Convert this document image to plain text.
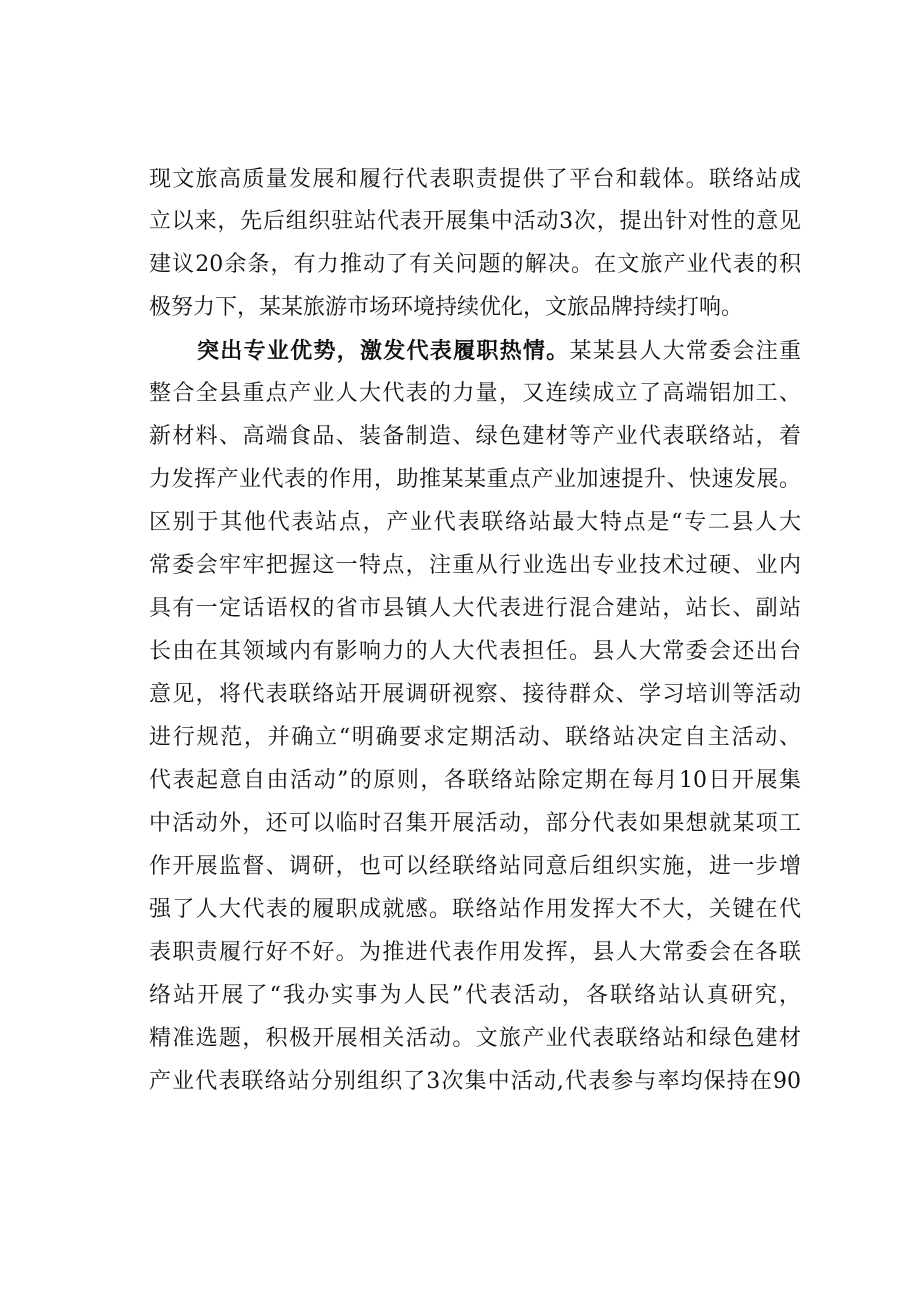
现文旅高质量发展和履行代表职责提供了平台和载体。联络站成
立以来，先后组织驻站代表开展集中活动3次，提出针对性的意见
建议20余条，有力推动了有关问题的解决。在文旅产业代表的积
极努力下，某某旅游市场环境持续优化，文旅品牌持续打响。
突出专业优势，激发代表履职热情。某某县人大常委会注重
整合全县重点产业人大代表的力量，又连续成立了高端铝加工、
新材料、高端食品、装备制造、绿色建材等产业代表联络站，着
力发挥产业代表的作用，助推某某重点产业加速提升、快速发展。
区别于其他代表站点，产业代表联络站最大特点是“专二县人大
常委会牢牢把握这一特点，注重从行业选出专业技术过硬、业内
具有一定话语权的省市县镇人大代表进行混合建站，站长、副站
长由在其领域内有影响力的人大代表担任。县人大常委会还出台
意见，将代表联络站开展调研视察、接待群众、学习培训等活动
进行规范，并确立“明确要求定期活动、联络站决定自主活动、
代表起意自由活动”的原则，各联络站除定期在每月10日开展集
中活动外，还可以临时召集开展活动，部分代表如果想就某项工
作开展监督、调研，也可以经联络站同意后组织实施，进一步增
强了人大代表的履职成就感。联络站作用发挥大不大，关键在代
表职责履行好不好。为推进代表作用发挥，县人大常委会在各联
络站开展了“我办实事为人民”代表活动，各联络站认真研究，
精准选题，积极开展相关活动。文旅产业代表联络站和绿色建材
产业代表联络站分别组织了3次集中活动,代表参与率均保持在90
